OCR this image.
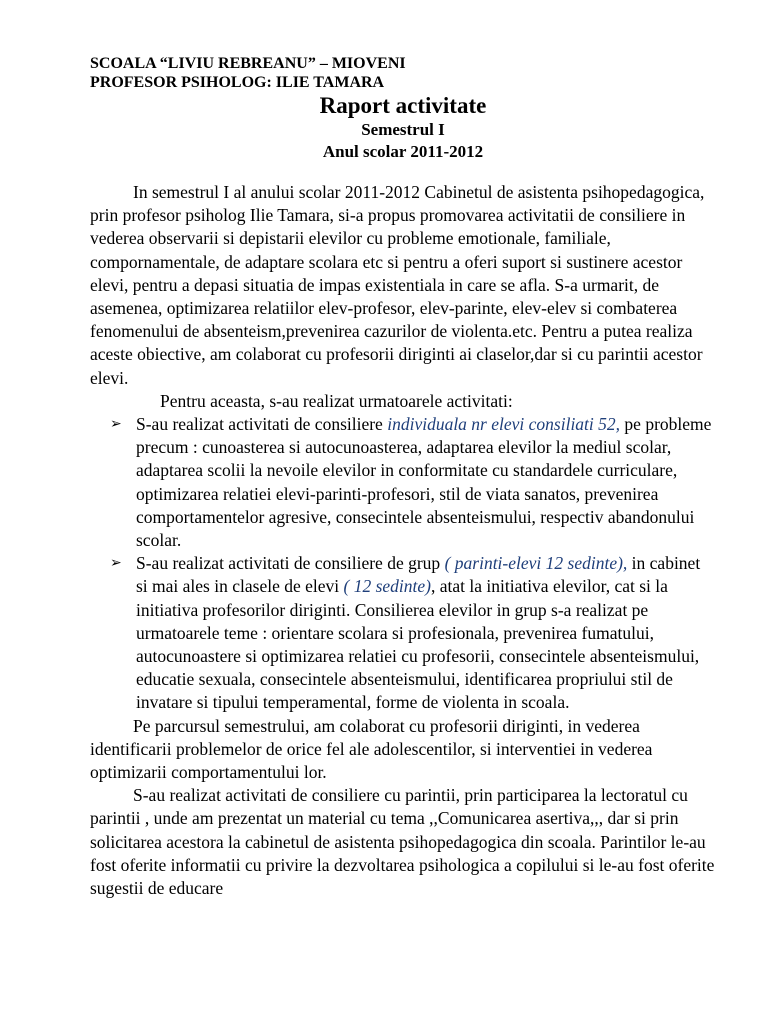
SCOALA “LIVIU REBREANU” – MIOVENI

PROFESOR PSIHOLOG: ILIE TAMARA

Raport activitate

Semestrul I

Anul scolar 2011-2012

In semestrul I al anului scolar 2011-2012 Cabinetul de asistenta psihopedagogica, prin profesor psiholog Ilie Tamara, si-a propus promovarea activitatii de consiliere in vederea observarii si depistarii elevilor cu probleme emotionale, familiale, compornamentale, de adaptare scolara etc si pentru a oferi suport si sustinere acestor elevi, pentru a depasi situatia de impas existentiala in care se afla. S-a urmarit, de asemenea, optimizarea relatiilor elev-profesor, elev-parinte, elev-elev si combaterea fenomenului de absenteism,prevenirea cazurilor de violenta.etc. Pentru a putea realiza aceste obiective, am colaborat cu profesorii diriginti ai claselor,dar si cu parintii acestor elevi.

Pentru aceasta, s-au realizat urmatoarele activitati:

➢ S-au realizat activitati de consiliere individuala nr elevi consiliati 52, pe probleme precum : cunoasterea si autocunoasterea, adaptarea elevilor la mediul scolar, adaptarea scolii la nevoile elevilor in conformitate cu standardele curriculare, optimizarea relatiei elevi-parinti-profesori, stil de viata sanatos, prevenirea comportamentelor agresive, consecintele absenteismului, respectiv abandonului scolar.
➢ S-au realizat activitati de consiliere de grup ( parinti-elevi 12 sedinte), in cabinet si mai ales in clasele de elevi ( 12 sedinte), atat la initiativa elevilor, cat si la initiativa profesorilor diriginti. Consilierea elevilor in grup s-a realizat pe urmatoarele teme : orientare scolara si profesionala, prevenirea fumatului, autocunoastere si optimizarea relatiei cu profesorii, consecintele absenteismului, educatie sexuala, consecintele absenteismului, identificarea propriului stil de invatare si tipului temperamental, forme de violenta in scoala.

Pe parcursul semestrului, am colaborat cu profesorii diriginti, in vederea identificarii problemelor de orice fel ale adolescentilor, si interventiei in vederea optimizarii comportamentului lor.

S-au realizat activitati de consiliere cu parintii, prin participarea la lectoratul cu parintii , unde am prezentat un material cu tema ,,Comunicarea asertiva,,, dar si prin solicitarea acestora la cabinetul de asistenta psihopedagogica din scoala. Parintilor le-au fost oferite informatii cu privire la dezvoltarea psihologica a copilului si le-au fost oferite sugestii de educare
